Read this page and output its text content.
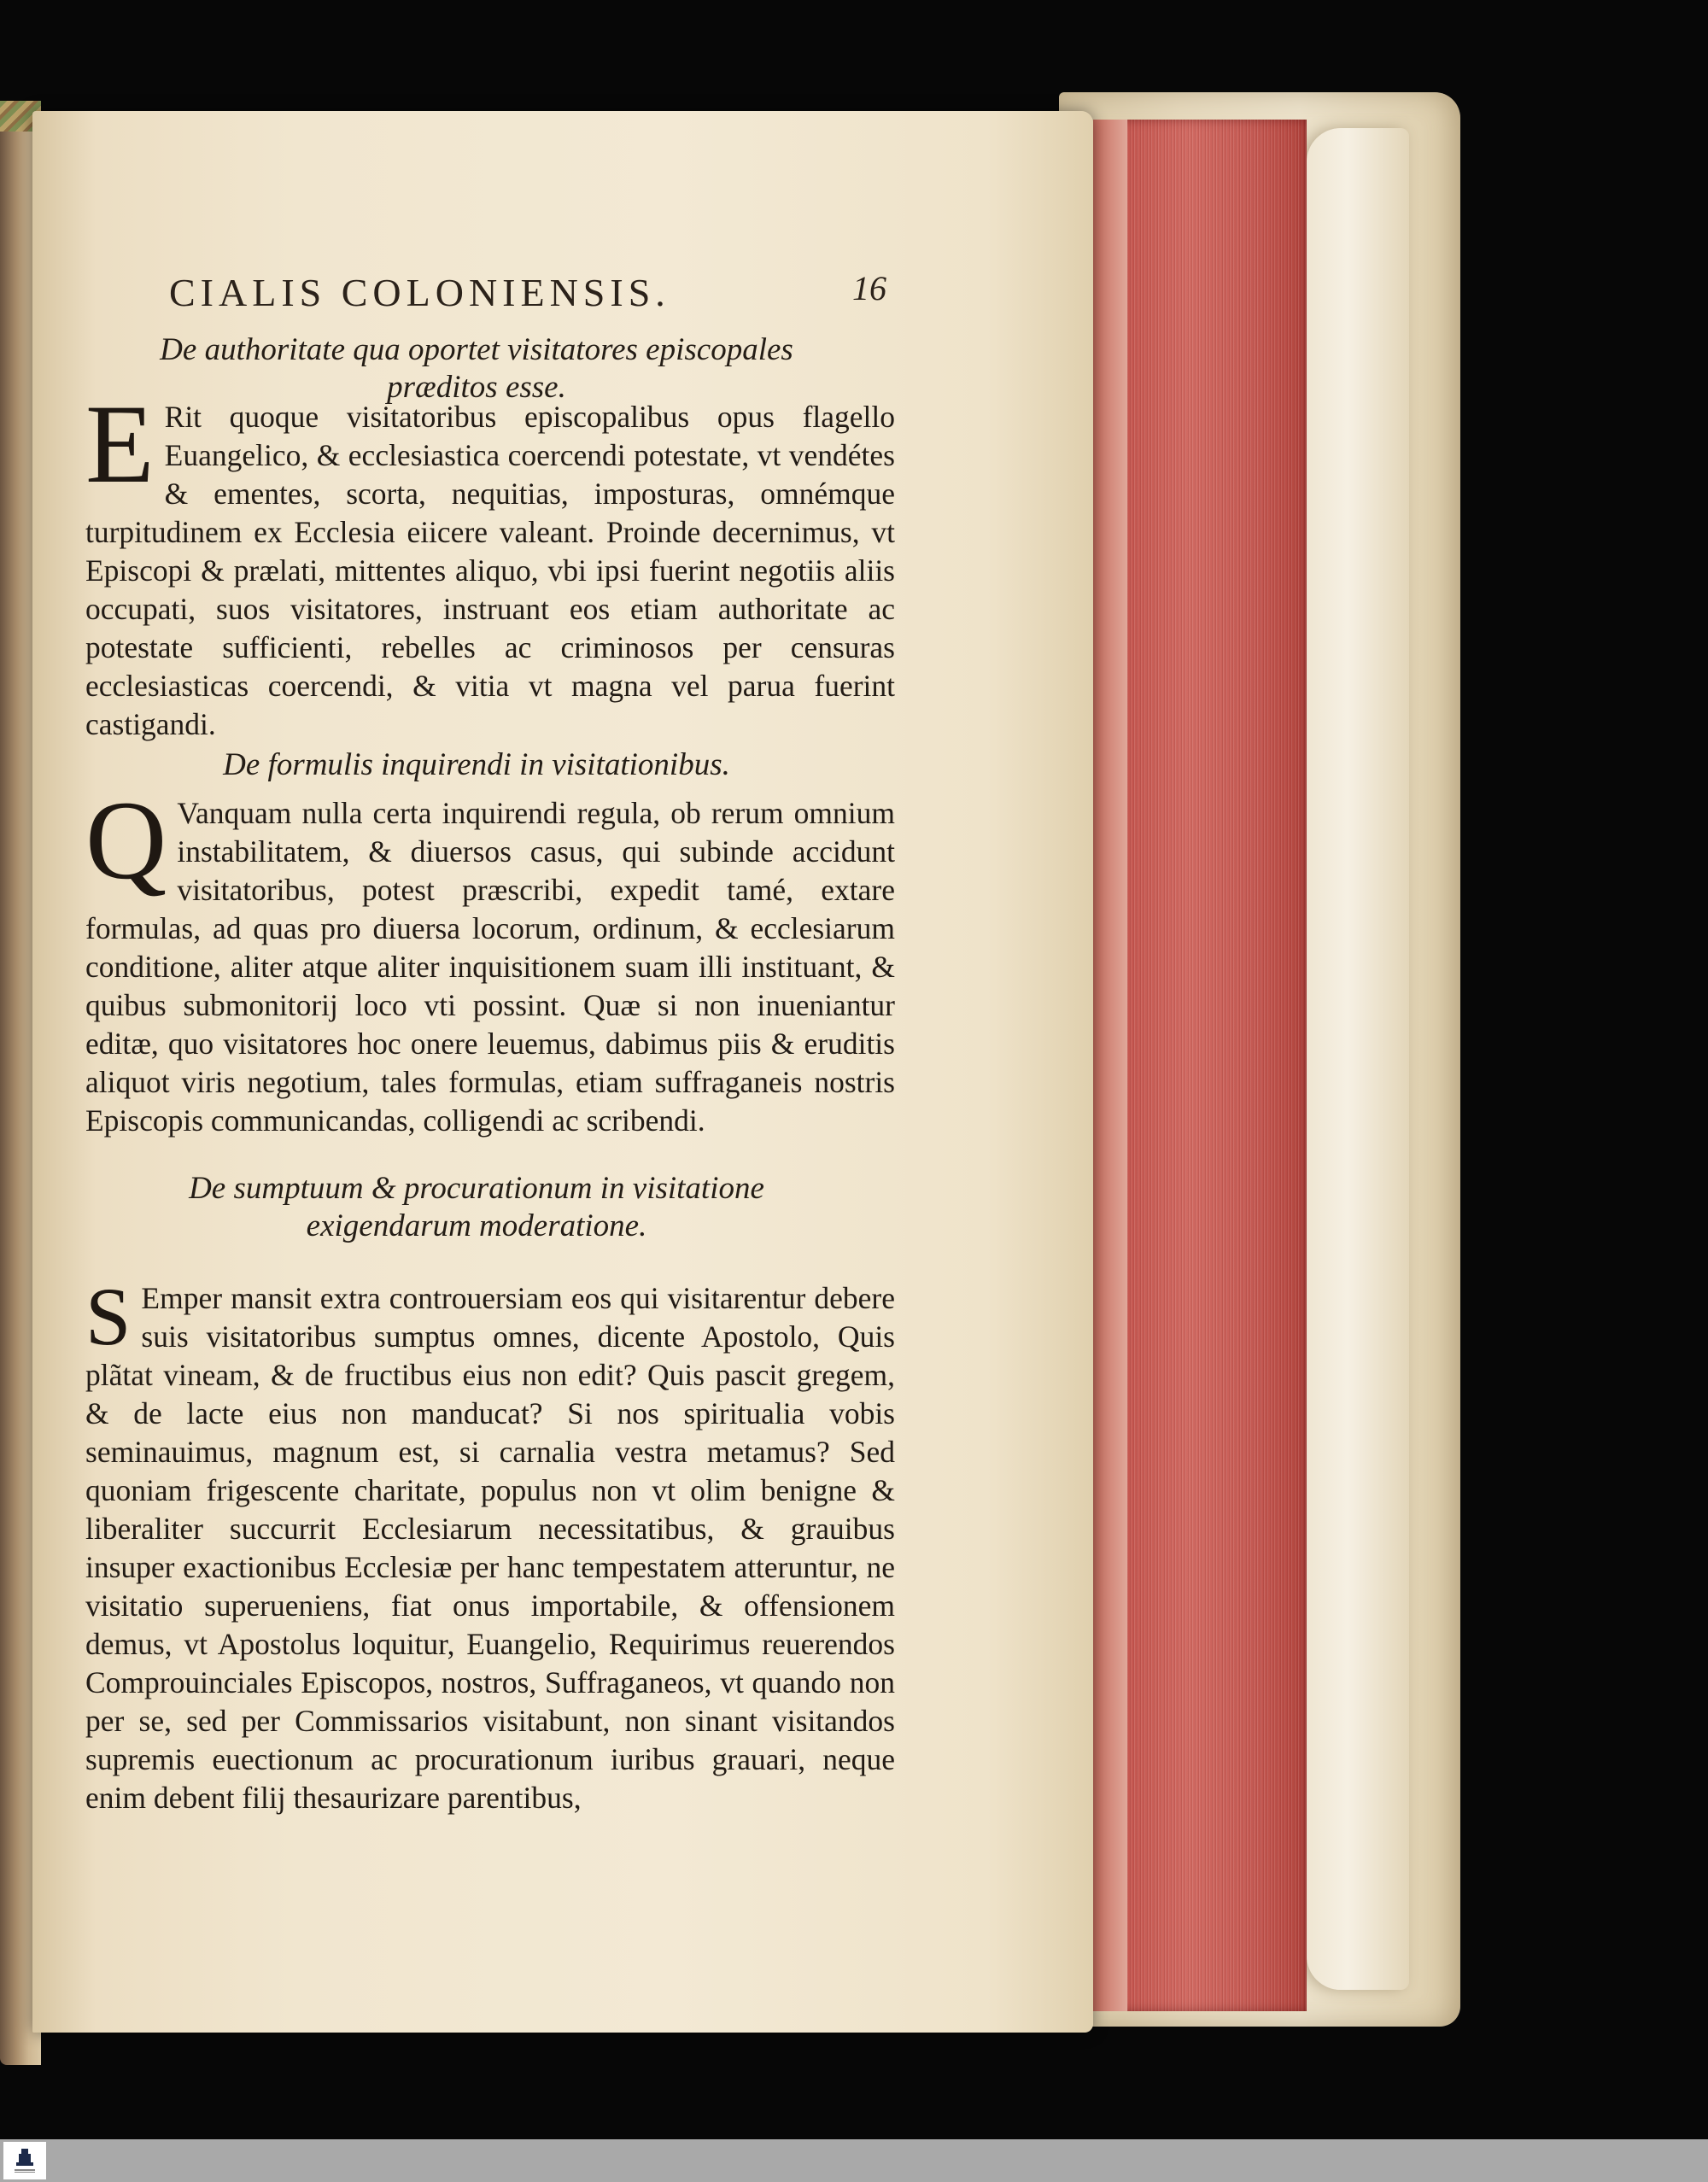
CIALIS COLONIENSIS.	16
De authoritate qua oportet visitatores episcopales præditos esse.
E Rit quoque visitatoribus episcopalibus opus flagello Euangelico, & ecclesiastica coercendi potestate, vt vendétes & ementes, scorta, nequitias, imposturas, omnémque turpitudinem ex Ecclesia eiicere valeant. Proinde decernimus, vt Episcopi & prælati, mittentes aliquo, vbi ipsi fuerint negotiis aliis occupati, suos visitatores, instruant eos etiam authoritate ac potestate sufficienti, rebelles ac criminosos per censuras ecclesiasticas coercendi, & vitia vt magna vel parua fuerint castigandi.
De formulis inquirendi in visitationibus.
Q Vanquam nulla certa inquirendi regula, ob rerum omnium instabilitatem, & diuersos casus, qui subinde accidunt visitatoribus, potest præscribi, expedit tamé, extare formulas, ad quas pro diuersa locorum, ordinum, & ecclesiarum conditione, aliter atque aliter inquisitionem suam illi instituant, & quibus submonitorij loco vti possint. Quæ si non inueniantur editæ, quo visitatores hoc onere leuemus, dabimus piis & eruditis aliquot viris negotium, tales formulas, etiam suffraganeis nostris Episcopis communicandas, colligendi ac scribendi.
De sumptuum & procurationum in visitatione exigendarum moderatione.
S Emper mansit extra controuersiam eos qui visitarentur debere suis visitatoribus sumptus omnes, dicente Apostolo, Quis plãtat vineam, & de fructibus eius non edit? Quis pascit gregem, & de lacte eius non manducat? Si nos spiritualia vobis seminauimus, magnum est, si carnalia vestra metamus? Sed quoniam frigescente charitate, populus non vt olim benigne & liberaliter succurrit Ecclesiarum necessitatibus, & grauibus insuper exactionibus Ecclesiæ per hanc tempestatem atteruntur, ne visitatio superueniens, fiat onus importabile, & offensionem demus, vt Apostolus loquitur, Euangelio, Requirimus reuerendos Comprouinciales Episcopos, nostros, Suffraganeos, vt quando non per se, sed per Commissarios visitabunt, non sinant visitandos supremis euectionum ac procurationum iuribus grauari, neque enim debent filij thesaurizare parentibus,
